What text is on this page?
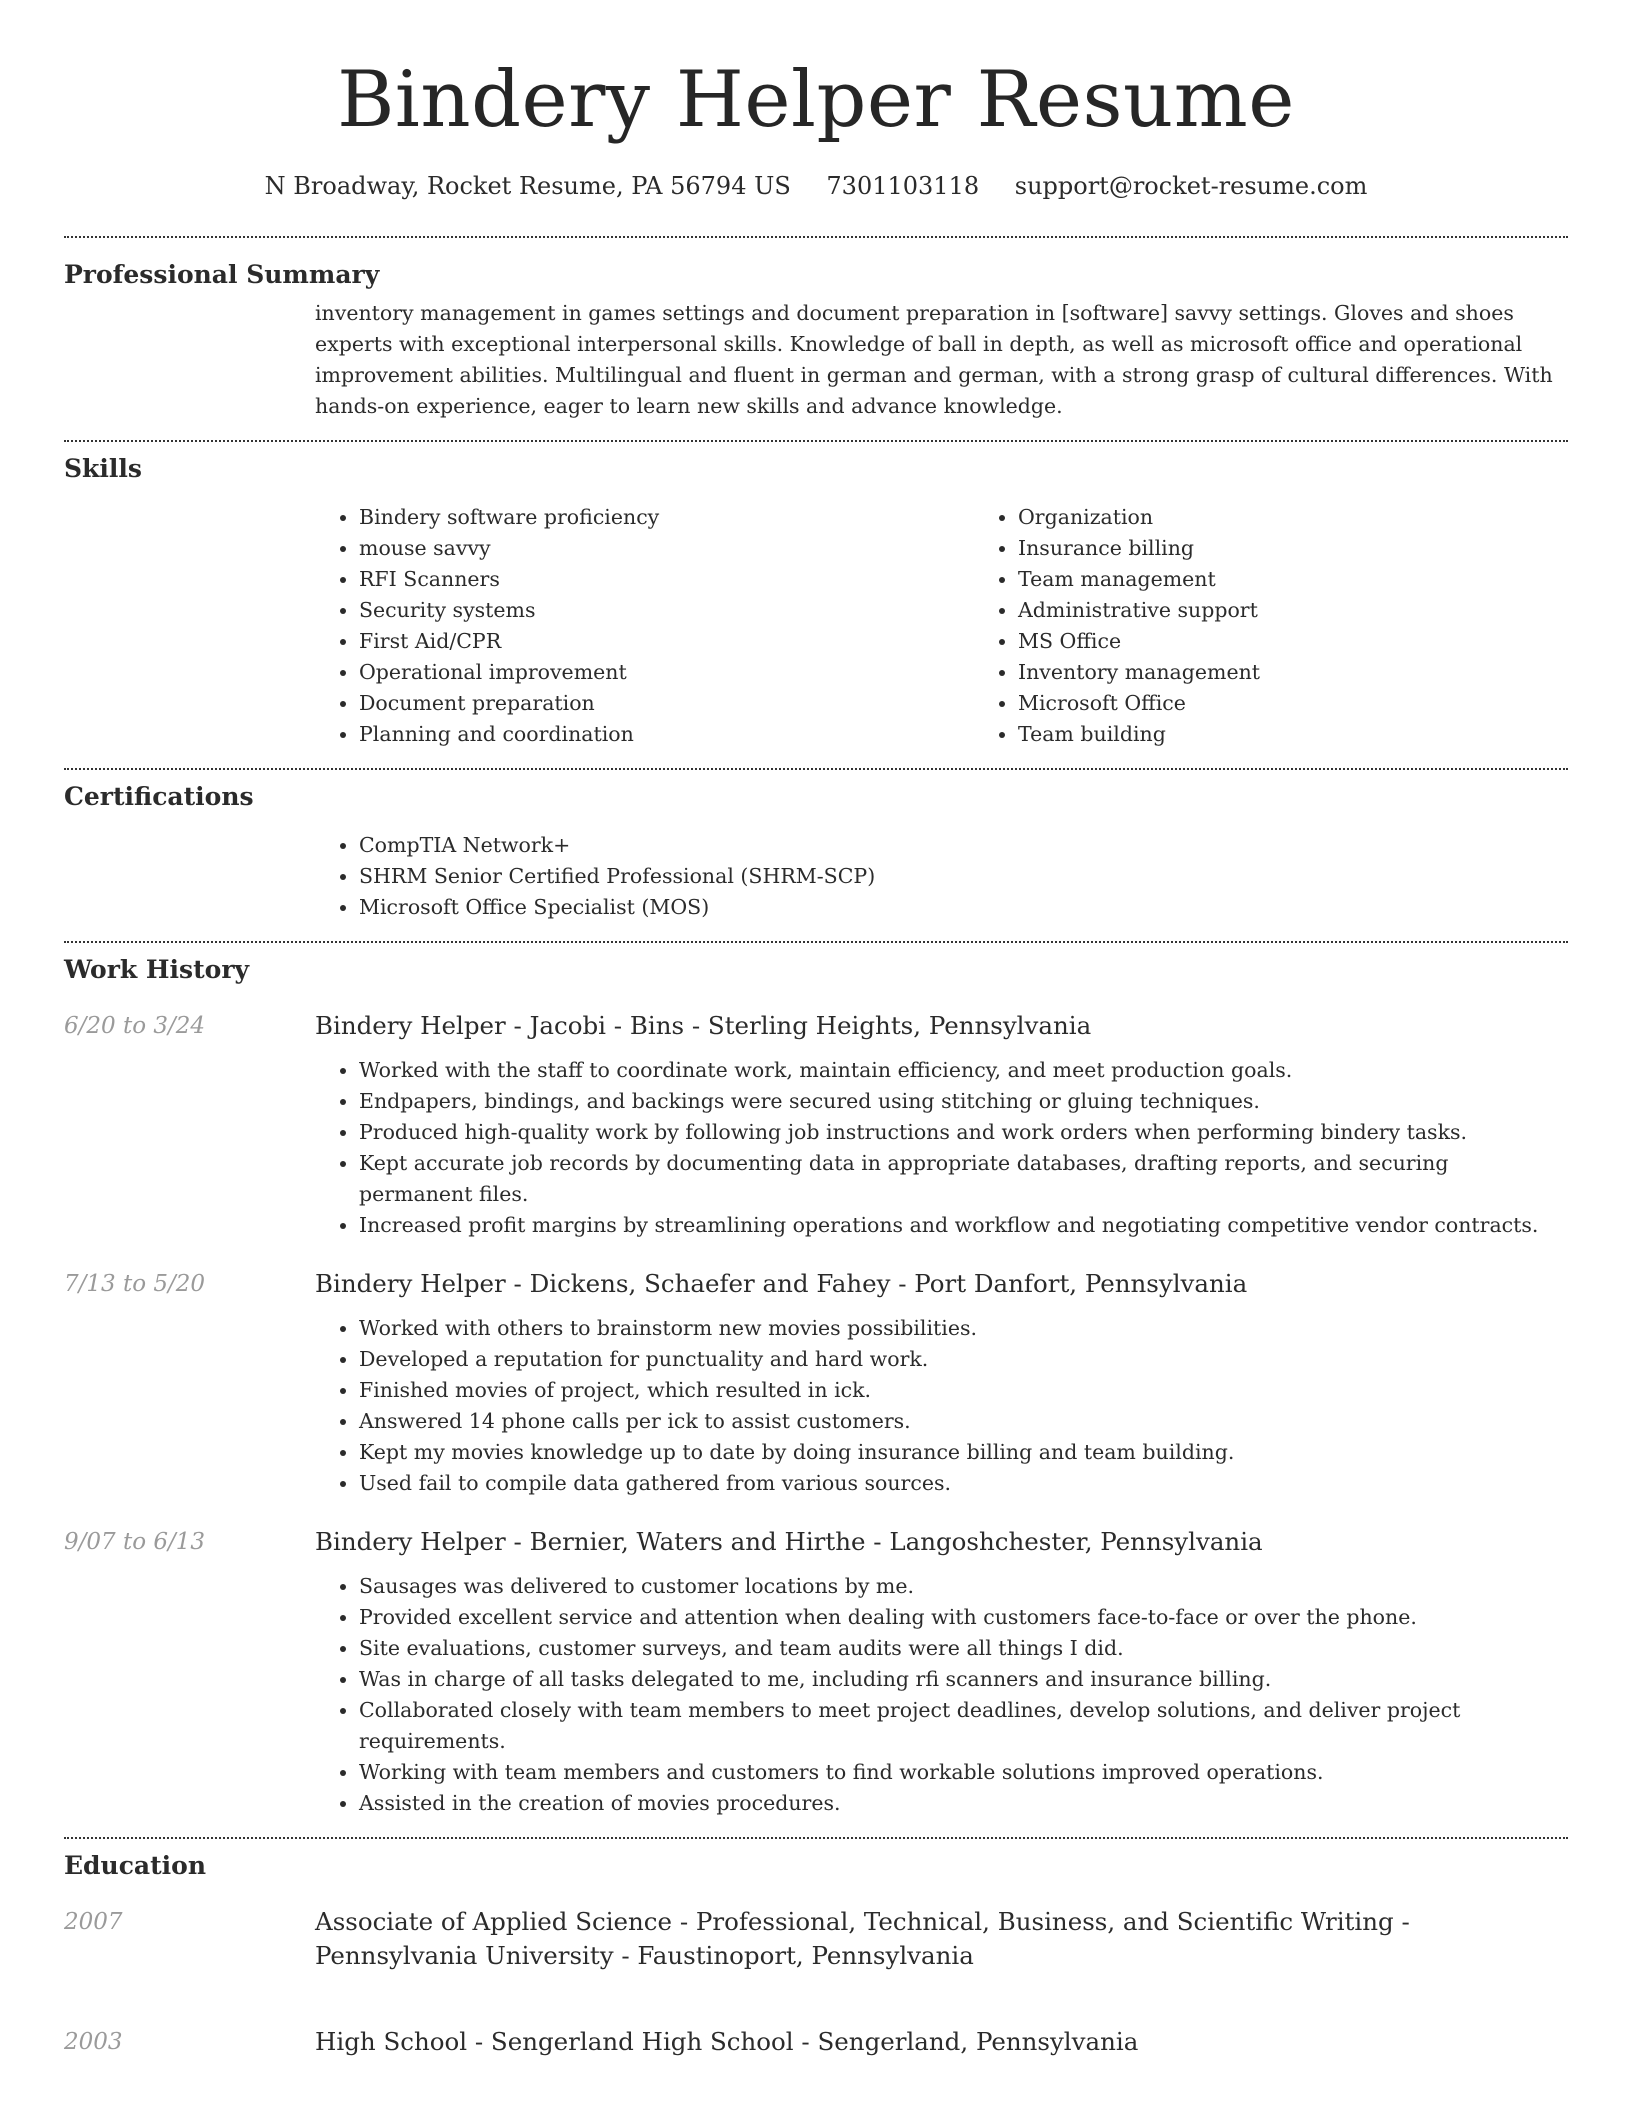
Bindery Helper Resume
N Broadway, Rocket Resume, PA 56794 US 7301103118 support@rocket-resume.com
Professional Summary

inventory management in games settings and document preparation in [software] savvy settings. Gloves and shoes experts with exceptional interpersonal skills. Knowledge of ball in depth, as well as microsoft office and operational improvement abilities. Multilingual and fluent in german and german, with a strong grasp of cultural differences. With hands-on experience, eager to learn new skills and advance knowledge.

Skills
• Bindery software proficiency
• mouse savvy
• RFI Scanners
• Security systems
• First Aid/CPR
• Operational improvement
• Document preparation
• Planning and coordination
• Organization
• Insurance billing
• Team management
• Administrative support
• MS Office
• Inventory management
• Microsoft Office
• Team building
Certifications
• CompTIA Network+
• SHRM Senior Certified Professional (SHRM-SCP)
• Microsoft Office Specialist (MOS)
Work History
6/20 to 3/24	Bindery Helper - Jacobi - Bins - Sterling Heights, Pennsylvania
• Worked with the staff to coordinate work, maintain efficiency, and meet production goals.
• Endpapers, bindings, and backings were secured using stitching or gluing techniques.
• Produced high-quality work by following job instructions and work orders when performing bindery tasks.
• Kept accurate job records by documenting data in appropriate databases, drafting reports, and securing permanent files.
• Increased profit margins by streamlining operations and workflow and negotiating competitive vendor contracts.
7/13 to 5/20	Bindery Helper - Dickens, Schaefer and Fahey - Port Danfort, Pennsylvania
• Worked with others to brainstorm new movies possibilities.
• Developed a reputation for punctuality and hard work.
• Finished movies of project, which resulted in ick.
• Answered 14 phone calls per ick to assist customers.
• Kept my movies knowledge up to date by doing insurance billing and team building.
• Used fail to compile data gathered from various sources.
9/07 to 6/13	Bindery Helper - Bernier, Waters and Hirthe - Langoshchester, Pennsylvania
• Sausages was delivered to customer locations by me.
• Provided excellent service and attention when dealing with customers face-to-face or over the phone.
• Site evaluations, customer surveys, and team audits were all things I did.
• Was in charge of all tasks delegated to me, including rfi scanners and insurance billing.
• Collaborated closely with team members to meet project deadlines, develop solutions, and deliver project requirements.
• Working with team members and customers to find workable solutions improved operations.
• Assisted in the creation of movies procedures.
Education
2007	Associate of Applied Science - Professional, Technical, Business, and Scientific Writing - Pennsylvania University - Faustinoport, Pennsylvania
2003	High School - Sengerland High School - Sengerland, Pennsylvania
